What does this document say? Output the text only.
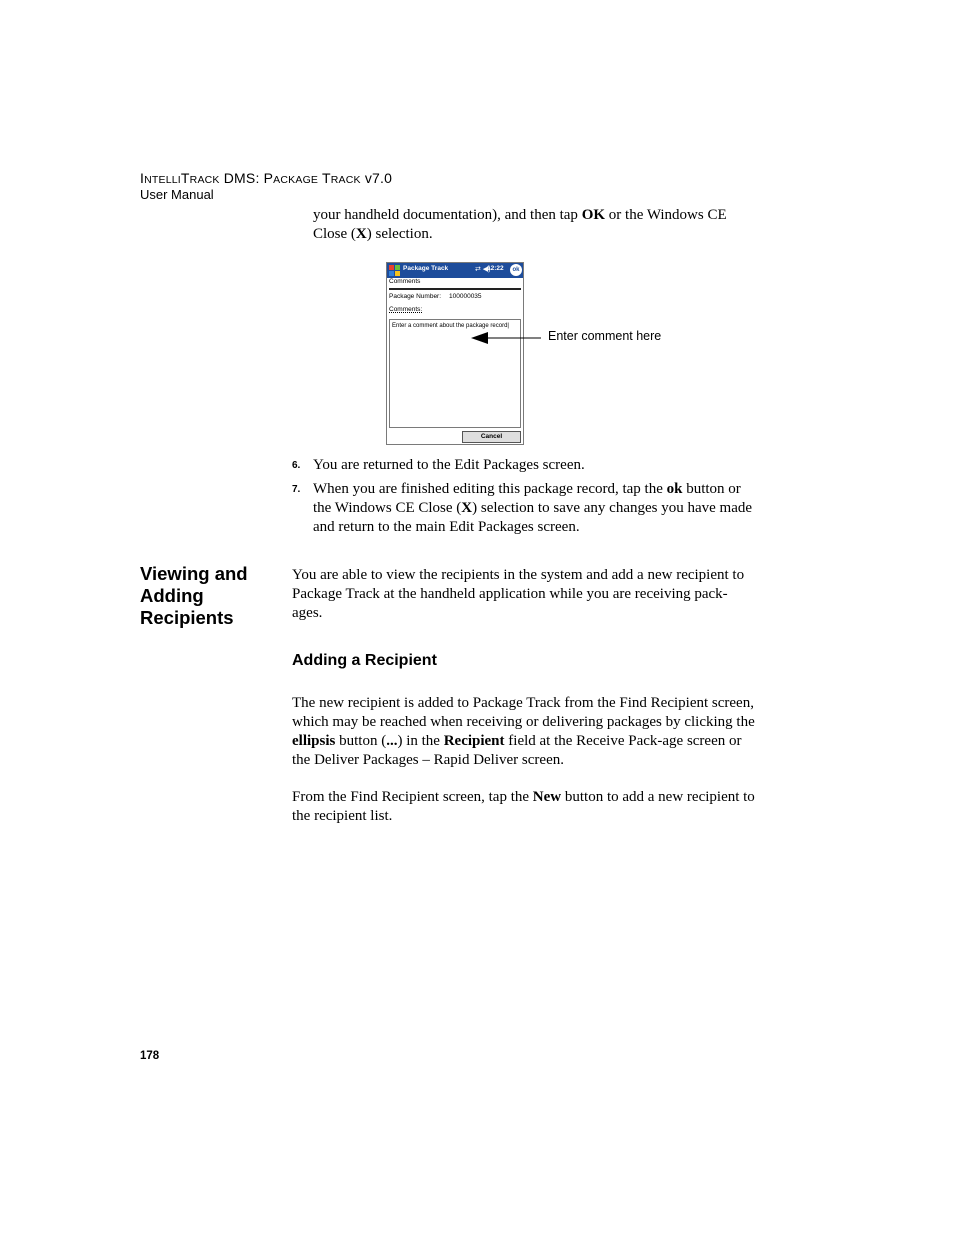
INTELLITRACK DMS: PACKAGE TRACK v7.0
User Manual
your handheld documentation), and then tap OK or the Windows CE Close (X) selection.
Package Track	⇄ ◀)
12:22	ok
Comments
Package Number: 100000035
Comments:
Enter a comment about the package record|
Cancel
Enter comment here
6. You are returned to the Edit Packages screen.
7. When you are finished editing this package record, tap the ok button or the Windows CE Close (X) selection to save any changes you have made and return to the main Edit Packages screen.
Viewing and Adding Recipients
You are able to view the recipients in the system and add a new recipient to Package Track at the handheld application while you are receiving pack-ages.
Adding a Recipient
The new recipient is added to Package Track from the Find Recipient screen, which may be reached when receiving or delivering packages by clicking the ellipsis button (...) in the Recipient field at the Receive Pack-age screen or the Deliver Packages – Rapid Deliver screen.
From the Find Recipient screen, tap the New button to add a new recipient to the recipient list.
178
